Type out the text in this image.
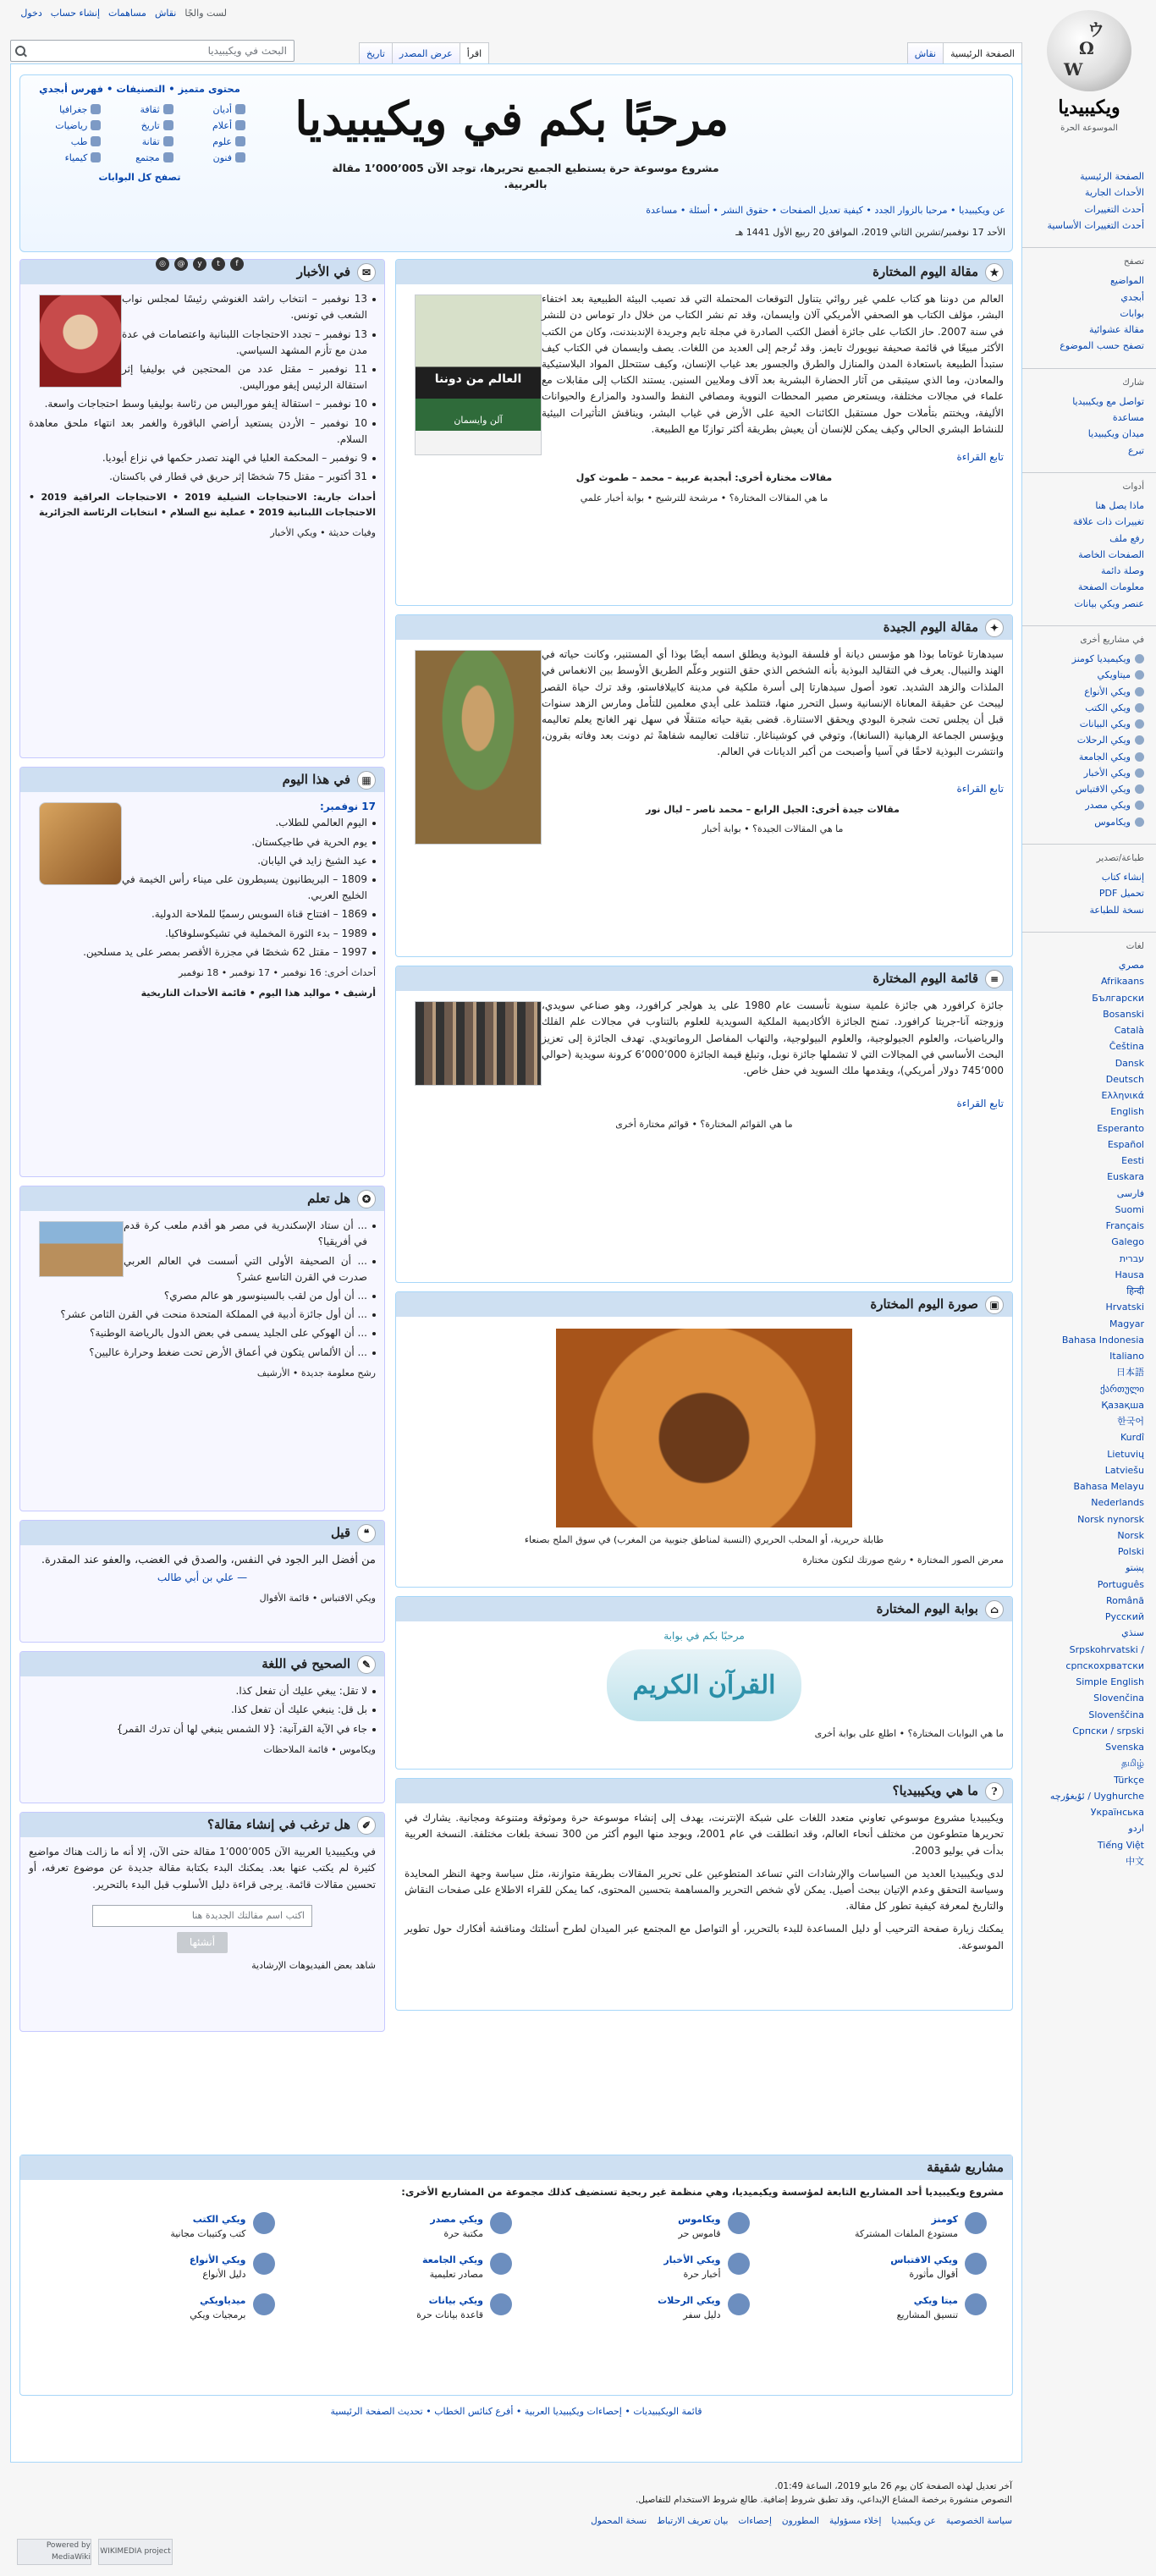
لست والجًا
نقاش
مساهمات
إنشاء حساب
دخول
Ω
W
ウ
ويكيبيديا
الموسوعة الحرة
الصفحة الرئيسية
نقاش
اقرأ
عرض المصدر
تاريخ
البحث في ويكيبيديا
الصفحة الرئيسية
الأحداث الجارية
أحدث التغييرات
أحدث التغييرات الأساسية
تصفح
المواضيع
أبجدي
بوابات
مقالة عشوائية
تصفح حسب الموضوع
شارك
تواصل مع ويكيبيديا
مساعدة
ميدان ويكيبيديا
تبرع
أدوات
ماذا يصل هنا
تغييرات ذات علاقة
رفع ملف
الصفحات الخاصة
وصلة دائمة
معلومات الصفحة
عنصر ويكي بيانات
في مشاريع أخرى
ويكيميديا كومنز
ميتاويكي
ويكي الأنواع
ويكي الكتب
ويكي البيانات
ويكي الرحلات
ويكي الجامعة
ويكي الأخبار
ويكي الاقتباس
ويكي مصدر
ويكاموس
طباعة/تصدير
إنشاء كتاب
تحميل PDF
نسخة للطباعة
لغات
مصري
Afrikaans
Български
Bosanski
Català
Čeština
Dansk
Deutsch
Ελληνικά
English
Esperanto
Español
Eesti
Euskara
فارسی
Suomi
Français
Galego
עברית
Hausa
हिन्दी
Hrvatski
Magyar
Bahasa Indonesia
Italiano
日本語
ქართული
Қазақша
한국어
Kurdî
Lietuvių
Latviešu
Bahasa Melayu
Nederlands
Norsk nynorsk
Norsk
Polski
پښتو
Português
Română
Русский
سنڌي
Srpskohrvatski / српскохрватски
Simple English
Slovenčina
Slovenščina
Српски / srpski
Svenska
தமிழ்
Türkçe
Uyghurche / ئۇيغۇرچە
Українська
اردو
Tiếng Việt
中文
مرحبًا بكم في ويكيبيديا
مشروع موسوعة حرة يستطيع الجميع تحريرها، توجد الآن 1٬000٬005 مقالة بالعربية.
عن ويكيبيديا • مرحبا بالزوار الجدد • كيفية تعديل الصفحات • حقوق النشر • أسئلة • مساعدة
الأحد 17 نوفمبر/تشرين الثاني 2019، الموافق 20 ربيع الأول 1441 هـ
محتوى متميز • التصنيفات • فهرس أبجدي
أديان
ثقافة
جغرافيا
أعلام
تاريخ
رياضيات
علوم
تقانة
طب
فنون
مجتمع
كيمياء
تصفح كل البوابات
f
t
y
@
◎
★
مقالة اليوم المختارة
العالم من دوننا
آلن وايسمان

العالم من دوننا هو كتاب علمي غير روائي يتناول التوقعات المحتملة التي قد تصيب البيئة الطبيعية بعد اختفاء البشر، مؤلف الكتاب هو الصحفي الأمريكي آلان وايسمان، وقد تم نشر الكتاب من خلال دار توماس دن للنشر في سنة 2007. حاز الكتاب على جائزة أفضل الكتب الصادرة في مجلة تايم وجريدة الإندبندنت، وكان من الكتب الأكثر مبيعًا في قائمة صحيفة نيويورك تايمز. وقد تُرجم إلى العديد من اللغات. يصف وايسمان في الكتاب كيف ستبدأ الطبيعة باستعادة المدن والمنازل والطرق والجسور بعد غياب الإنسان، وكيف ستتحلل المواد البلاستيكية والمعادن، وما الذي سيتبقى من آثار الحضارة البشرية بعد آلاف وملايين السنين. يستند الكتاب إلى مقابلات مع علماء في مجالات مختلفة، ويستعرض مصير المحطات النووية ومصافي النفط والسدود والمزارع والحيوانات الأليفة، ويختتم بتأملات حول مستقبل الكائنات الحية على الأرض في غياب البشر، ويناقش التأثيرات البيئية للنشاط البشري الحالي وكيف يمكن للإنسان أن يعيش بطريقة أكثر توازنًا مع الطبيعة.

تابع القراءة

مقالات مختارة أخرى: أبجدية عربية – محمد – طموث كول

ما هي المقالات المختارة؟ • مرشحة للترشيح • بوابة أخبار علمي

✦
مقالة اليوم الجيدة

سيدهارتا غوتاما بوذا هو مؤسس ديانة أو فلسفة البوذية ويطلق اسمه أيضًا بوذا أي المستنير، وكانت حياته في الهند والنيبال. يعرف في التقاليد البوذية بأنه الشخص الذي حقق التنوير وعلّم الطريق الأوسط بين الانغماس في الملذات والزهد الشديد. تعود أصول سيدهارتا إلى أسرة ملكية في مدينة كابيلافاستو، وقد ترك حياة القصر ليبحث عن حقيقة المعاناة الإنسانية وسبل التحرر منها، فتتلمذ على أيدي معلمين للتأمل ومارس الزهد سنوات قبل أن يجلس تحت شجرة البودي ويحقق الاستنارة. قضى بقية حياته متنقلًا في سهل نهر الغانج يعلم تعاليمه ويؤسس الجماعة الرهبانية (السانغا)، وتوفي في كوشيناغار. تناقلت تعاليمه شفاهةً ثم دونت بعد وفاته بقرون، وانتشرت البوذية لاحقًا في آسيا وأصبحت من أكبر الديانات في العالم.

تابع القراءة

مقالات جيدة أخرى: الجيل الرابع – محمد ناصر – ليال نور

ما هي المقالات الجيدة؟ • بوابة أخبار

≡
قائمة اليوم المختارة

جائزة كرافورد هي جائزة علمية سنوية تأسست عام 1980 على يد هولجر كرافورد، وهو صناعي سويدي، وزوجته آنا-جريتا كرافورد. تمنح الجائزة الأكاديمية الملكية السويدية للعلوم بالتناوب في مجالات علم الفلك والرياضيات، والعلوم الجيولوجية، والعلوم البيولوجية، والتهاب المفاصل الروماتويدي. تهدف الجائزة إلى تعزيز البحث الأساسي في المجالات التي لا تشملها جائزة نوبل، وتبلغ قيمة الجائزة 6٬000٬000 كرونة سويدية (حوالي 745٬000 دولار أمريكي)، ويقدمها ملك السويد في حفل خاص.

تابع القراءة

ما هي القوائم المختارة؟ • قوائم مختارة أخرى

▣
صورة اليوم المختارة

طابلة حريرية، أو المحلب الحريري (النسبة لمناطق جنوبية من المغرب) في سوق الملح بصنعاء

معرض الصور المختارة • رشح صورتك لتكون مختارة

⌂
بوابة اليوم المختارة

مرحبًا بكم في بوابة

القرآن الكريم

ما هي البوابات المختارة؟ • اطلع على بوابة أخرى

?
ما هي ويكيبيديا؟

ويكيبيديا مشروع موسوعي تعاوني متعدد اللغات على شبكة الإنترنت، يهدف إلى إنشاء موسوعة حرة وموثوقة ومتنوعة ومجانية. يشارك في تحريرها متطوعون من مختلف أنحاء العالم، وقد انطلقت في عام 2001، ويوجد منها اليوم أكثر من 300 نسخة بلغات مختلفة. النسخة العربية بدأت في يوليو 2003.

لدى ويكيبيديا العديد من السياسات والإرشادات التي تساعد المتطوعين على تحرير المقالات بطريقة متوازنة، مثل سياسة وجهة النظر المحايدة وسياسة التحقق وعدم الإتيان ببحث أصيل. يمكن لأي شخص التحرير والمساهمة بتحسين المحتوى، كما يمكن للقراء الاطلاع على صفحات النقاش والتاريخ لمعرفة كيفية تطور كل مقالة.

يمكنك زيارة صفحة الترحيب أو دليل المساعدة للبدء بالتحرير، أو التواصل مع المجتمع عبر الميدان لطرح أسئلتك ومناقشة أفكارك حول تطوير الموسوعة.

✉
في الأخبار
13 نوفمبر – انتخاب راشد الغنوشي رئيسًا لمجلس نواب الشعب في تونس.
13 نوفمبر – تجدد الاحتجاجات اللبنانية واعتصامات في عدة مدن مع تأزم المشهد السياسي.
11 نوفمبر – مقتل عدد من المحتجين في بوليفيا إثر استقالة الرئيس إيفو موراليس.
10 نوفمبر – استقالة إيفو موراليس من رئاسة بوليفيا وسط احتجاجات واسعة.
10 نوفمبر – الأردن يستعيد أراضي الباقورة والغمر بعد انتهاء ملحق معاهدة السلام.
9 نوفمبر – المحكمة العليا في الهند تصدر حكمها في نزاع أيوديا.
31 أكتوبر – مقتل 75 شخصًا إثر حريق في قطار في باكستان.

أحداث جارية: الاحتجاجات الشيلية 2019 • الاحتجاجات العراقية 2019 • الاحتجاجات اللبنانية 2019 • عملية نبع السلام • انتخابات الرئاسة الجزائرية

وفيات حديثة • ويكي الأخبار

▦
في هذا اليوم

17 نوفمبر:

اليوم العالمي للطلاب.
يوم الحرية في طاجيكستان.
عيد الشيخ زايد في اليابان.
1809 – البريطانيون يسيطرون على ميناء رأس الخيمة في الخليج العربي.
1869 – افتتاح قناة السويس رسميًا للملاحة الدولية.
1989 – بدء الثورة المخملية في تشيكوسلوفاكيا.
1997 – مقتل 62 شخصًا في مجزرة الأقصر بمصر على يد مسلحين.

أحداث أخرى: 16 نوفمبر • 17 نوفمبر • 18 نوفمبر

أرشيف • مواليد هذا اليوم • قائمة الأحداث التاريخية

✪
هل تعلم
... أن ستاد الإسكندرية في مصر هو أقدم ملعب كرة قدم في أفريقيا؟
... أن الصحيفة الأولى التي أسست في العالم العربي صدرت في القرن التاسع عشر؟
... أن أول من لقب بالسينوسور هو عالم مصري؟
... أن أول جائزة أدبية في المملكة المتحدة منحت في القرن الثامن عشر؟
... أن الهوكي على الجليد يسمى في بعض الدول بالرياضة الوطنية؟
... أن الألماس يتكون في أعماق الأرض تحت ضغط وحرارة عاليين؟

رشح معلومة جديدة • الأرشيف

❝
قيل

من أفضل البر الجود في النفس، والصدق في الغضب، والعفو عند المقدرة.

— علي بن أبي طالب

ويكي الاقتباس • قائمة الأقوال

✎
الصحيح في اللغة
لا تقل: يبغي عليك أن تفعل كذا.
بل قل: ينبغي عليك أن تفعل كذا.
جاء في الآية القرآنية: {لا الشمس ينبغي لها أن تدرك القمر}

ويكاموس • قائمة الملاحظات

✐
هل ترغب في إنشاء مقالة؟

في ويكيبيديا العربية الآن 1٬000٬005 مقالة حتى الآن، إلا أنه ما زالت هناك مواضيع كثيرة لم يكتب عنها بعد. يمكنك البدء بكتابة مقالة جديدة عن موضوع تعرفه، أو تحسين مقالات قائمة. يرجى قراءة دليل الأسلوب قبل البدء بالتحرير.

اكتب اسم مقالتك الجديدة هنا
أنشئها

شاهد بعض الفيديوهات الإرشادية

مشاريع شقيقة
مشروع ويكيبيديا أحد المشاريع التابعة لمؤسسة ويكيميديا، وهي منظمة غير ربحية تستضيف كذلك مجموعة من المشاريع الأخرى:
كومنز
مستودع الملفات المشتركة
ويكاموس
قاموس حر
ويكي مصدر
مكتبة حرة
ويكي الكتب
كتب وكتيبات مجانية
ويكي الاقتباس
أقوال مأثورة
ويكي الأخبار
أخبار حرة
ويكي الجامعة
مصادر تعليمية
ويكي الأنواع
دليل الأنواع
ميتا ويكي
تنسيق المشاريع
ويكي الرحلات
دليل سفر
ويكي بيانات
قاعدة بيانات حرة
ميدياويكي
برمجيات ويكي
قائمة الويكيبيديات • إحصاءات ويكيبيديا العربية • أفرع كنائس الخطاب • تحديث الصفحة الرئيسية

آخر تعديل لهذه الصفحة كان يوم 26 مايو 2019، الساعة 01:49.

النصوص منشورة برخصة المشاع الإبداعي، وقد تطبق شروط إضافية. طالع شروط الاستخدام للتفاصيل.

سياسة الخصوصية
عن ويكيبيديا
إخلاء مسؤولية
المطورون
إحصاءات
بيان تعريف الارتباط
نسخة المحمول
WIKIMEDIA project
Powered by MediaWiki
